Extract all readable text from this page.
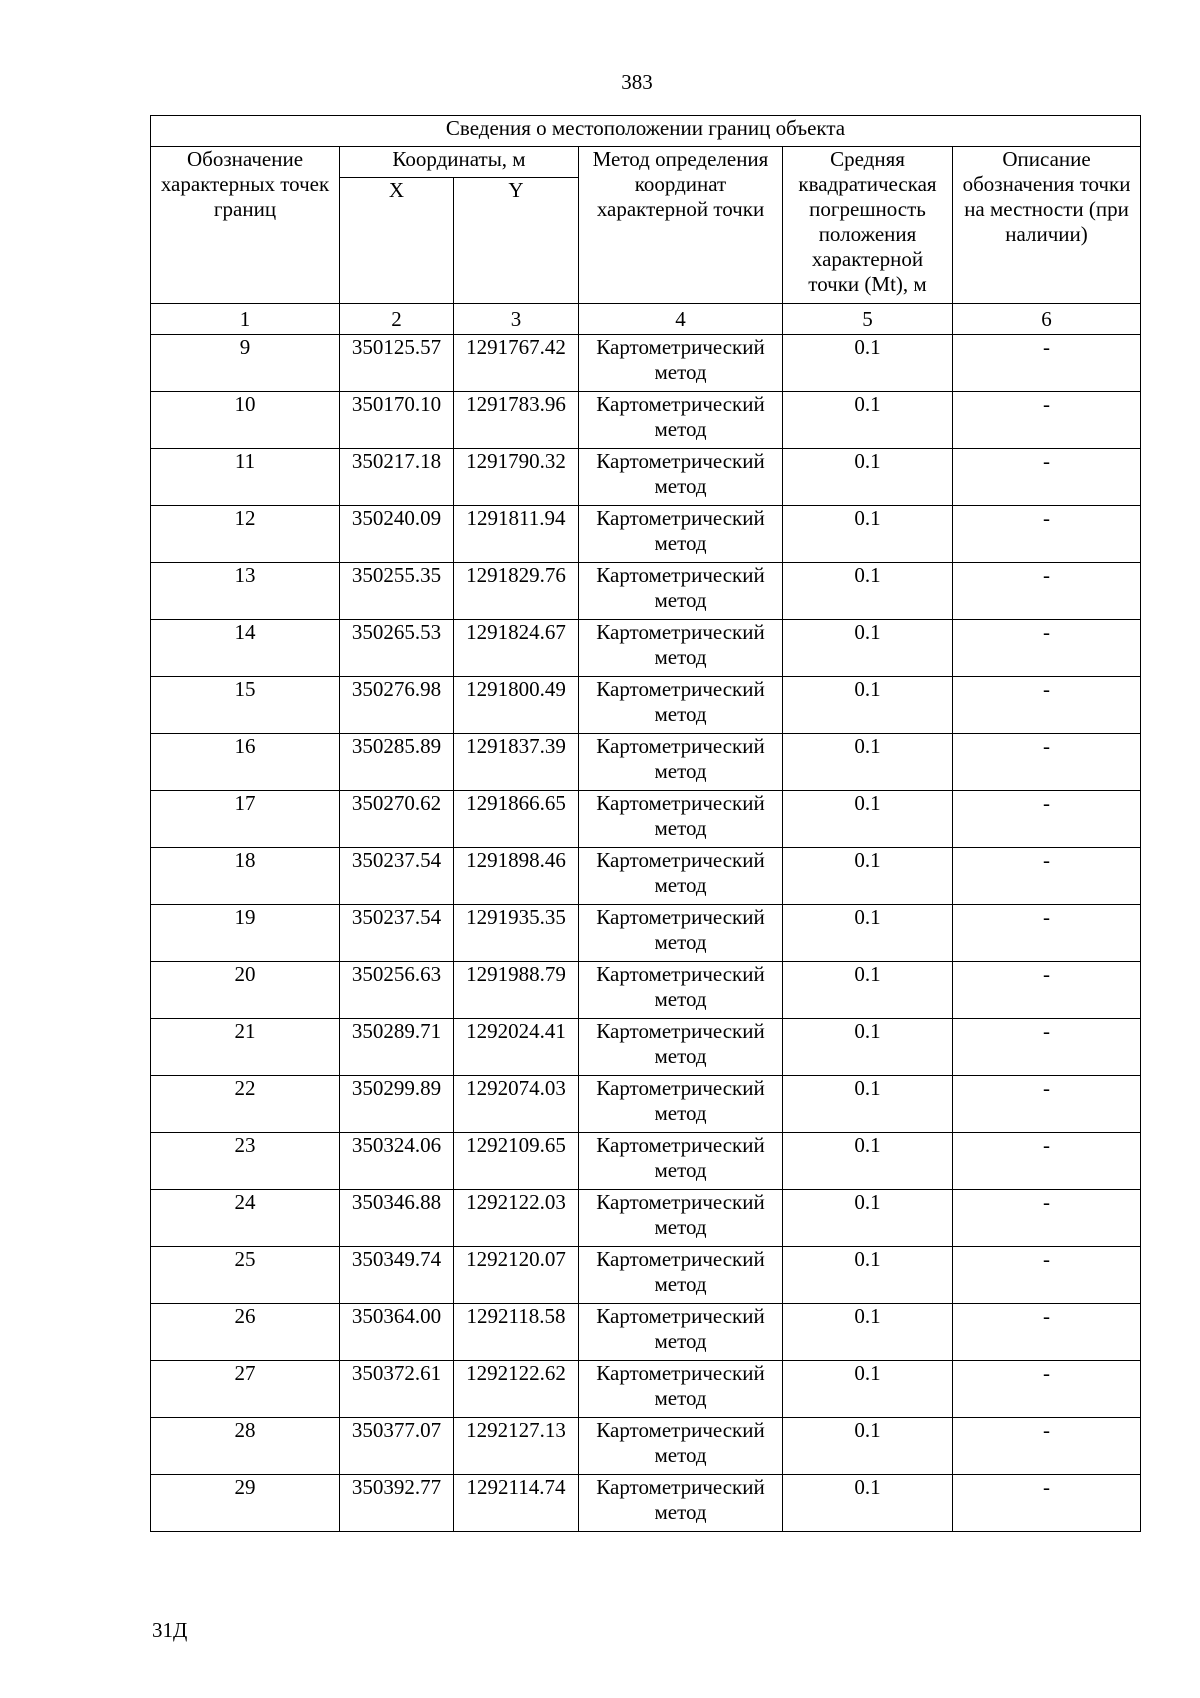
383
Сведения о местоположении границ объекта					
Обозначение характерных точек границ	Координаты, м		Метод определения координат характерной точки	Средняя квадратическая погрешность положения характерной точки (Mt), м	Описание обозначения точки на местности (при наличии)
	X	Y			
1	2	3	4	5	6
9	350125.57	1291767.42	Картометрический метод	0.1	-
10	350170.10	1291783.96	Картометрический метод	0.1	-
11	350217.18	1291790.32	Картометрический метод	0.1	-
12	350240.09	1291811.94	Картометрический метод	0.1	-
13	350255.35	1291829.76	Картометрический метод	0.1	-
14	350265.53	1291824.67	Картометрический метод	0.1	-
15	350276.98	1291800.49	Картометрический метод	0.1	-
16	350285.89	1291837.39	Картометрический метод	0.1	-
17	350270.62	1291866.65	Картометрический метод	0.1	-
18	350237.54	1291898.46	Картометрический метод	0.1	-
19	350237.54	1291935.35	Картометрический метод	0.1	-
20	350256.63	1291988.79	Картометрический метод	0.1	-
21	350289.71	1292024.41	Картометрический метод	0.1	-
22	350299.89	1292074.03	Картометрический метод	0.1	-
23	350324.06	1292109.65	Картометрический метод	0.1	-
24	350346.88	1292122.03	Картометрический метод	0.1	-
25	350349.74	1292120.07	Картометрический метод	0.1	-
26	350364.00	1292118.58	Картометрический метод	0.1	-
27	350372.61	1292122.62	Картометрический метод	0.1	-
28	350377.07	1292127.13	Картометрический метод	0.1	-
29	350392.77	1292114.74	Картометрический метод	0.1	-
31Д
